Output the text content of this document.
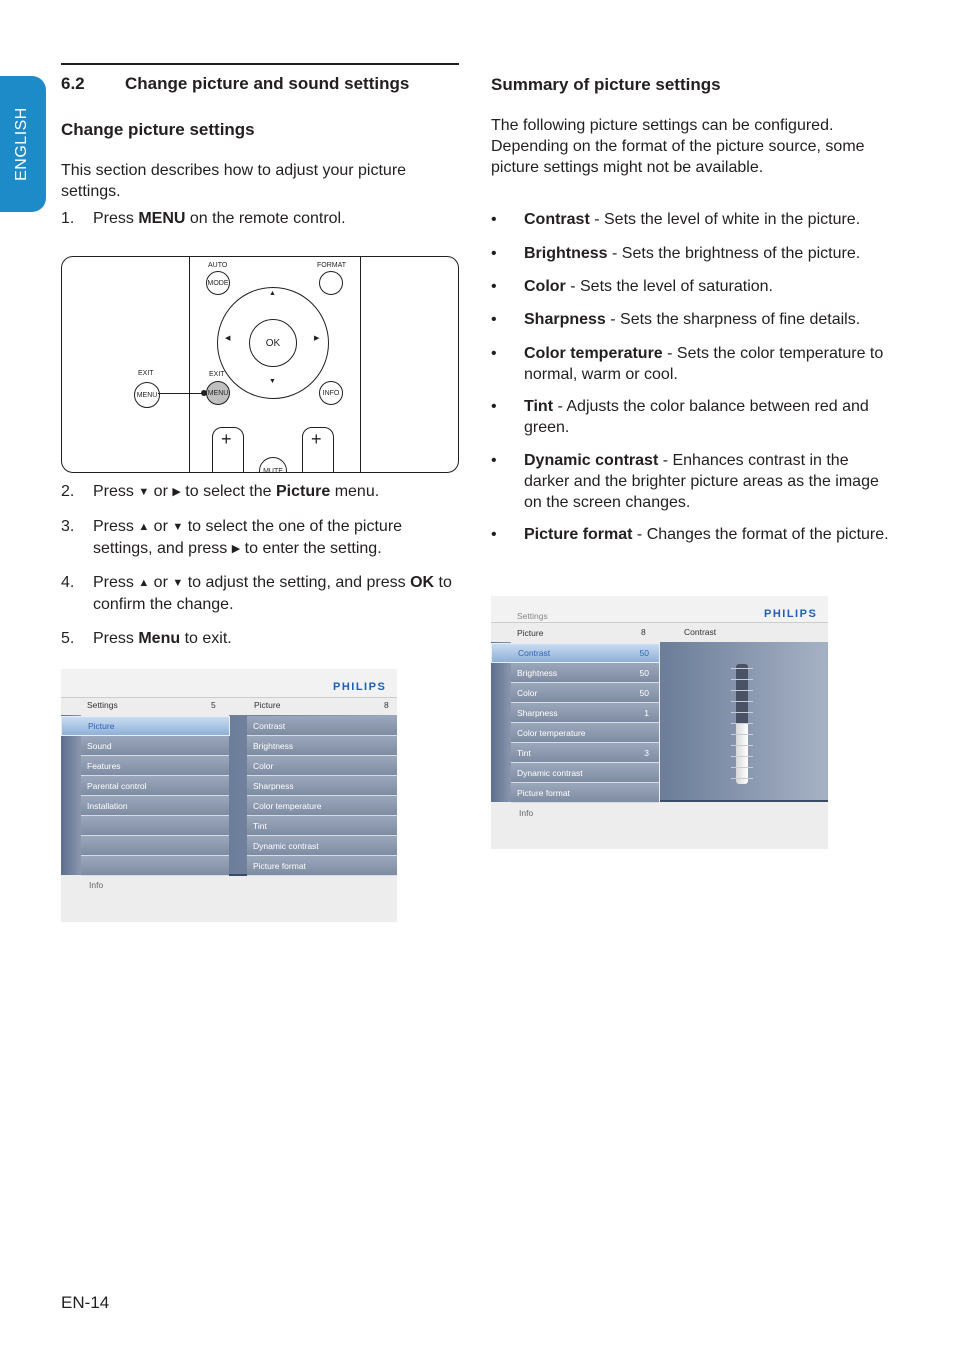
ENGLISH
6.2 Change picture and sound settings
Change picture settings
This section describes how to adjust your picture settings.
1. Press MENU on the remote control.
AUTO
MODE
FORMAT
OK
▲
▼
◀	▶
EXIT
MENU
EXIT
MENU	INFO
+
MUTE
+
2. Press ▼ or ▶ to select the Picture menu.
3. Press ▲ or ▼ to select the one of the picture settings, and press ▶ to enter the setting.
4. Press ▲ or ▼ to adjust the setting, and press OK to confirm the change.
5. Press Menu to exit.
PHILIPS
Settings	5	Picture	8
Picture
Sound
Features
Parental control
Installation
Contrast
Brightness
Color
Sharpness
Color temperature
Tint
Dynamic contrast
Picture format
Info
Summary of picture settings
The following picture settings can be configured. Depending on the format of the picture source, some picture settings might not be available.
• Contrast - Sets the level of white in the picture.
• Brightness - Sets the brightness of the picture.
• Color - Sets the level of saturation.
• Sharpness - Sets the sharpness of fine details.
• Color temperature - Sets the color temperature to normal, warm or cool.
• Tint - Adjusts the color balance between red and green.
• Dynamic contrast - Enhances contrast in the darker and the brighter picture areas as the image on the screen changes.
• Picture format - Changes the format of the picture.
Settings	PHILIPS
Picture	8	Contrast
Contrast	50
Brightness	50
Color	50
Sharpness	1
Color temperature
Tint	3
Dynamic contrast
Picture format
Info
EN-14
